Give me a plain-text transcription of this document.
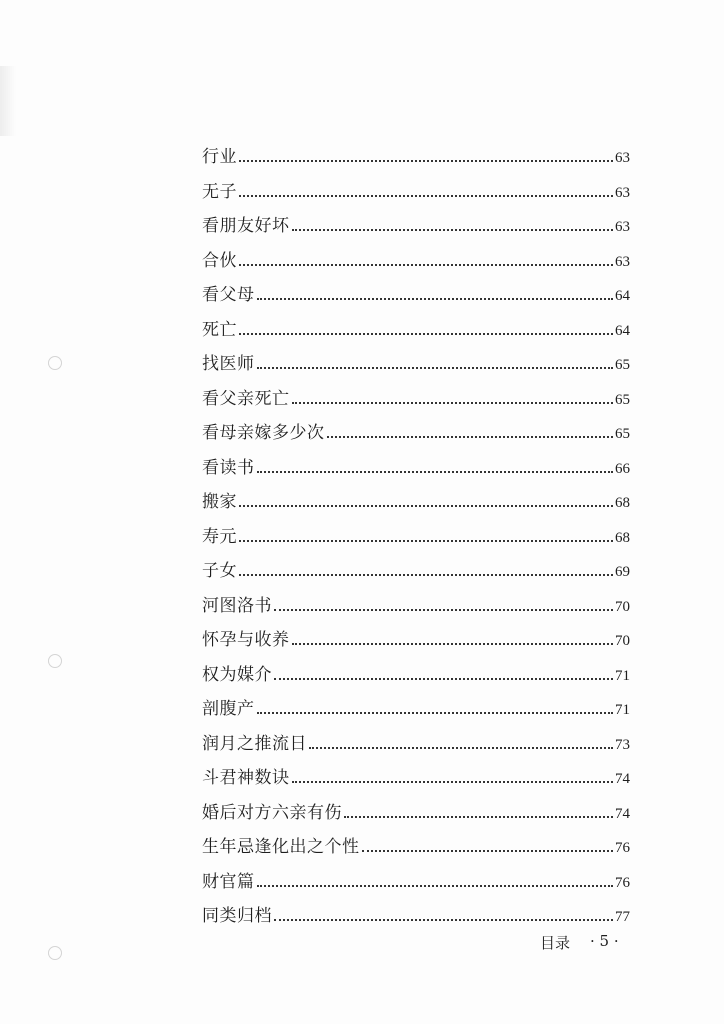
行业	63
无子	63
看朋友好坏	63
合伙	63
看父母	64
死亡	64
找医师	65
看父亲死亡	65
看母亲嫁多少次	65
看读书	66
搬家	68
寿元	68
子女	69
河图洛书	70
怀孕与收养	70
权为媒介	71
剖腹产	71
润月之推流日	73
斗君神数诀	74
婚后对方六亲有伤	74
生年忌逢化出之个性	76
财官篇	76
同类归档	77
目录 · 5 ·
